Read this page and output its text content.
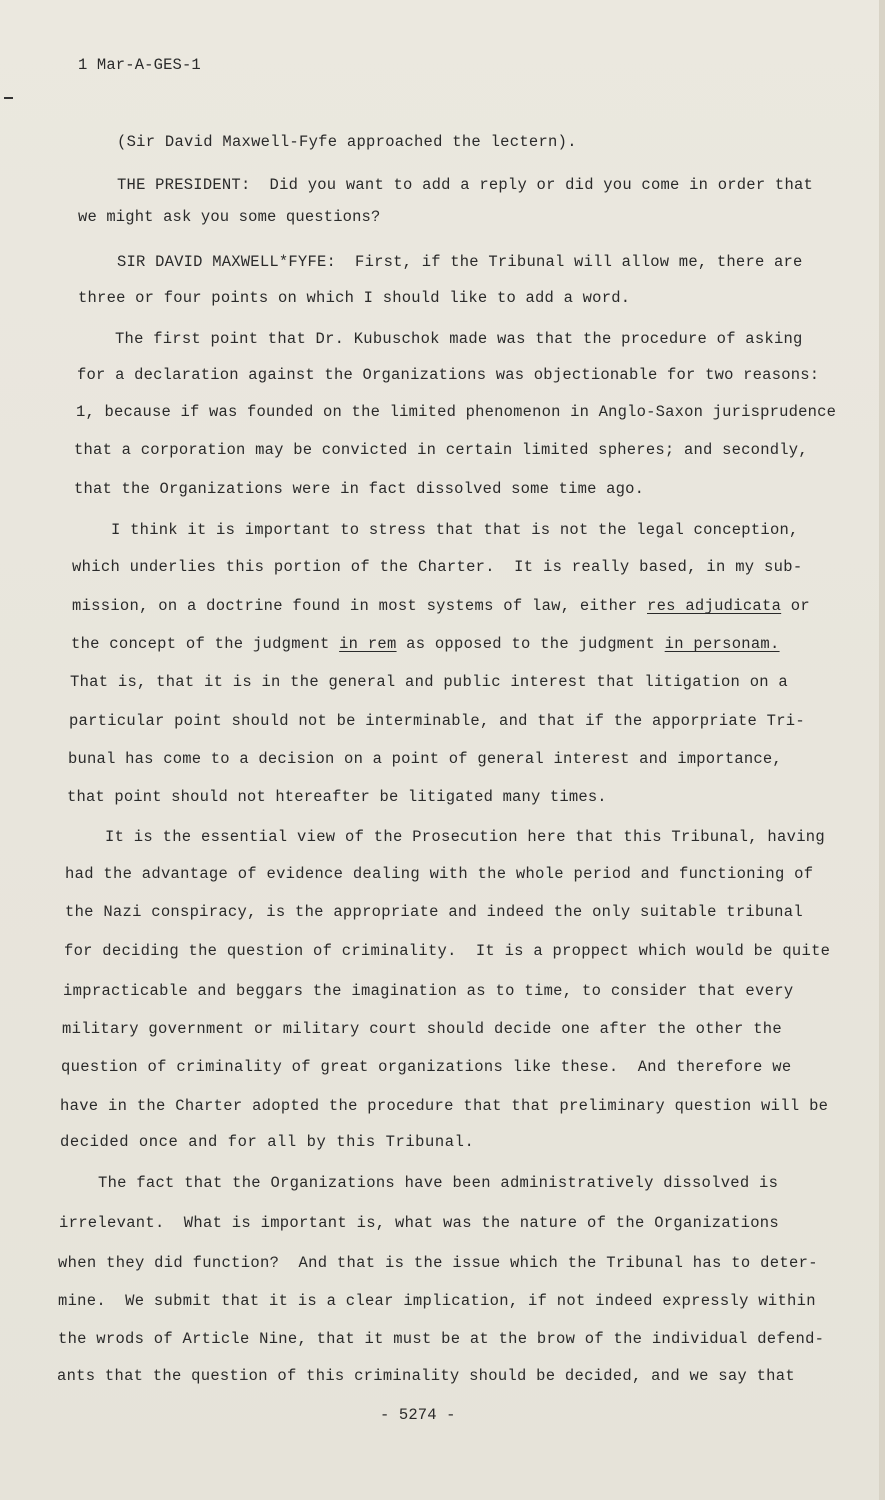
1 Mar-A-GES-1
(Sir David Maxwell-Fyfe approached the lectern).
THE PRESIDENT:  Did you want to add a reply or did you come in order that
we might ask you some questions?
SIR DAVID MAXWELL*FYFE:  First, if the Tribunal will allow me, there are
three or four points on which I should like to add a word.
The first point that Dr. Kubuschok made was that the procedure of asking
for a declaration against the Organizations was objectionable for two reasons:
1, because if was founded on the limited phenomenon in Anglo-Saxon jurisprudence
that a corporation may be convicted in certain limited spheres; and secondly,
that the Organizations were in fact dissolved some time ago.
I think it is important to stress that that is not the legal conception,
which underlies this portion of the Charter.  It is really based, in my sub-
mission, on a doctrine found in most systems of law, either res adjudicata or
the concept of the judgment in rem as opposed to the judgment in personam.
That is, that it is in the general and public interest that litigation on a
particular point should not be interminable, and that if the apporpriate Tri-
bunal has come to a decision on a point of general interest and importance,
that point should not htereafter be litigated many times.
It is the essential view of the Prosecution here that this Tribunal, having
had the advantage of evidence dealing with the whole period and functioning of
the Nazi conspiracy, is the appropriate and indeed the only suitable tribunal
for deciding the question of criminality.  It is a proppect which would be quite
impracticable and beggars the imagination as to time, to consider that every
military government or military court should decide one after the other the
question of criminality of great organizations like these.  And therefore we
have in the Charter adopted the procedure that that preliminary question will be
decided once and for all by this Tribunal.
The fact that the Organizations have been administratively dissolved is
irrelevant.  What is important is, what was the nature of the Organizations
when they did function?  And that is the issue which the Tribunal has to deter-
mine.  We submit that it is a clear implication, if not indeed expressly within
the wrods of Article Nine, that it must be at the brow of the individual defend-
ants that the question of this criminality should be decided, and we say that
- 5274 -
